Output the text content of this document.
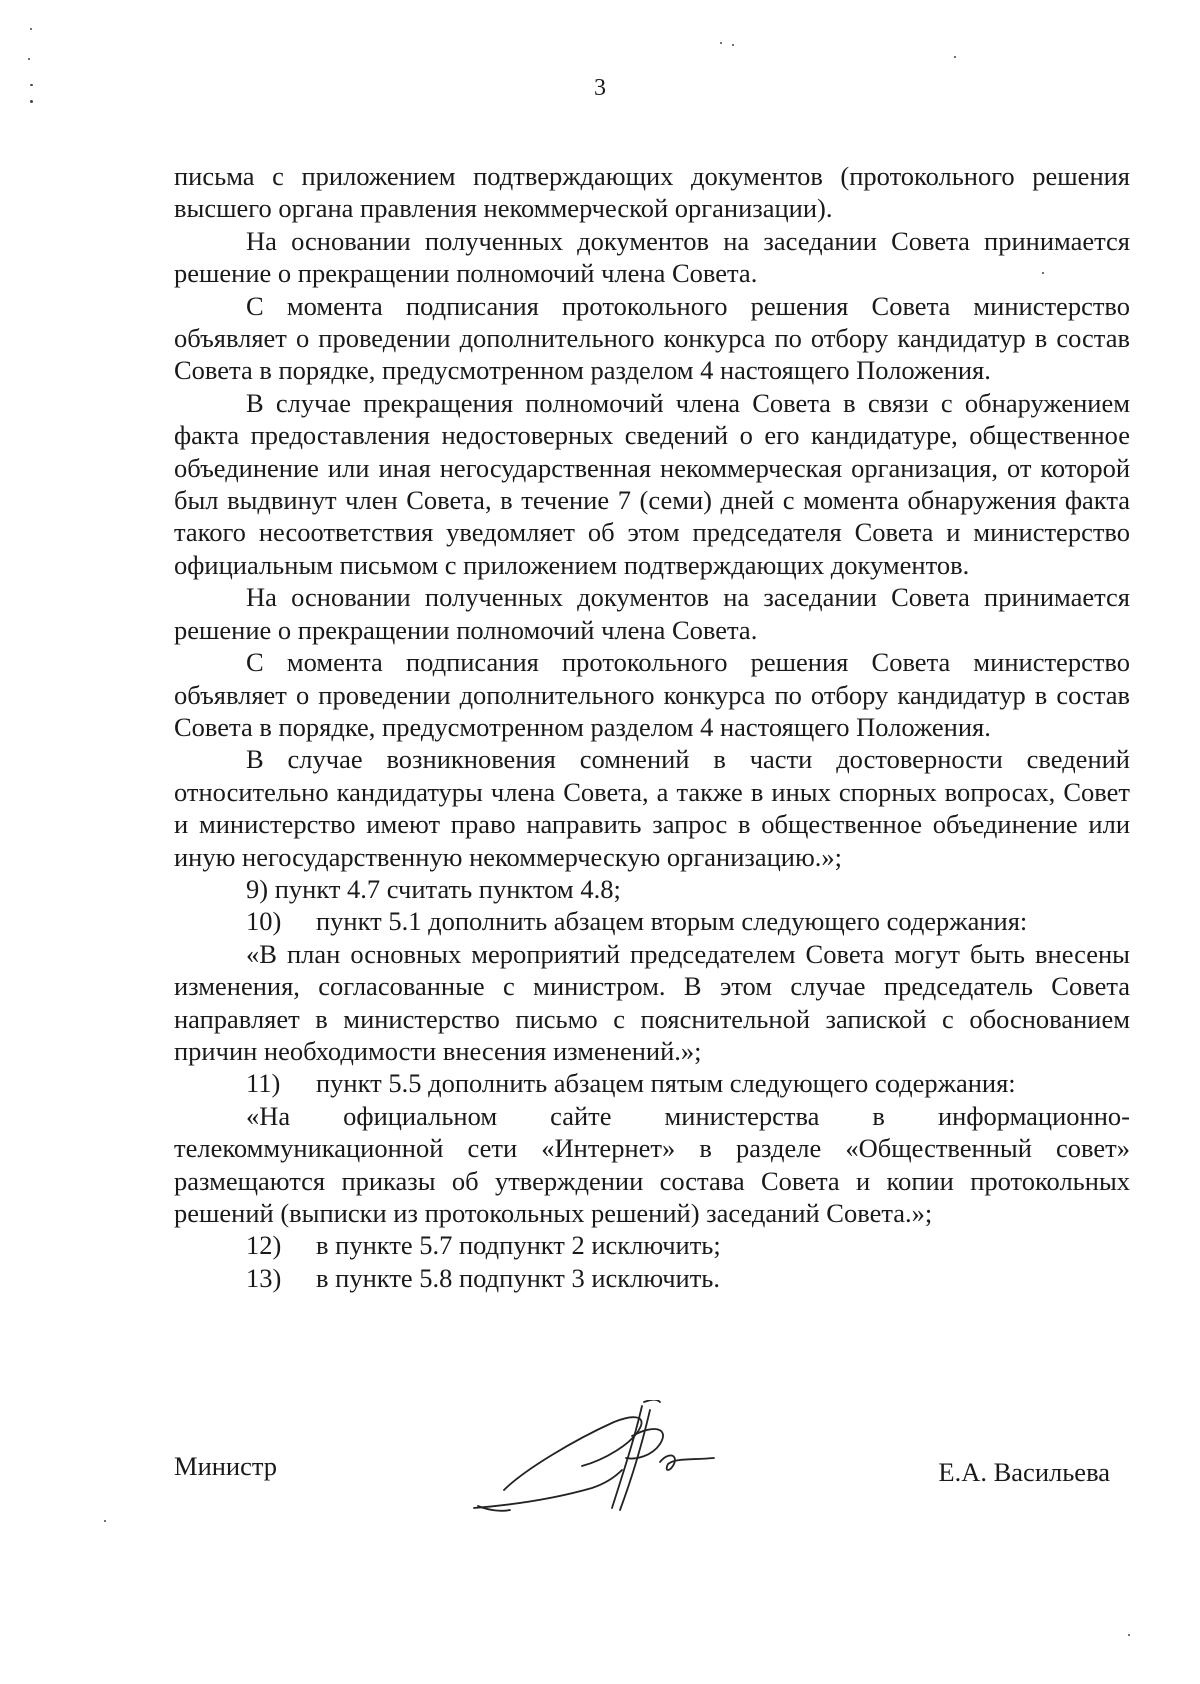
3

письма с приложением подтверждающих документов (протокольного решения высшего органа правления некоммерческой организации).

На основании полученных документов на заседании Совета принимается решение о прекращении полномочий члена Совета.

С момента подписания протокольного решения Совета министерство объявляет о проведении дополнительного конкурса по отбору кандидатур в состав Совета в порядке, предусмотренном разделом 4 настоящего Положения.

В случае прекращения полномочий члена Совета в связи с обнаружением факта предоставления недостоверных сведений о его кандидатуре, общественное объединение или иная негосударственная некоммерческая организация, от которой был выдвинут член Совета, в течение 7 (семи) дней с момента обнаружения факта такого несоответствия уведомляет об этом председателя Совета и министерство официальным письмом с приложением подтверждающих документов.

На основании полученных документов на заседании Совета принимается решение о прекращении полномочий члена Совета.

С момента подписания протокольного решения Совета министерство объявляет о проведении дополнительного конкурса по отбору кандидатур в состав Совета в порядке, предусмотренном разделом 4 настоящего Положения.

В случае возникновения сомнений в части достоверности сведений относительно кандидатуры члена Совета, а также в иных спорных вопросах, Совет и министерство имеют право направить запрос в общественное объединение или иную негосударственную некоммерческую организацию.»;

9) пункт 4.7 считать пунктом 4.8;

10) пункт 5.1 дополнить абзацем вторым следующего содержания:

«В план основных мероприятий председателем Совета могут быть внесены изменения, согласованные с министром. В этом случае председатель Совета направляет в министерство письмо с пояснительной запиской с обоснованием причин необходимости внесения изменений.»;

11) пункт 5.5 дополнить абзацем пятым следующего содержания:

«На официальном сайте министерства в информационно-телекоммуникационной сети «Интернет» в разделе «Общественный совет» размещаются приказы об утверждении состава Совета и копии протокольных решений (выписки из протокольных решений) заседаний Совета.»;

12) в пункте 5.7 подпункт 2 исключить;

13) в пункте 5.8 подпункт 3 исключить.

Министр	Е.А. Васильева
